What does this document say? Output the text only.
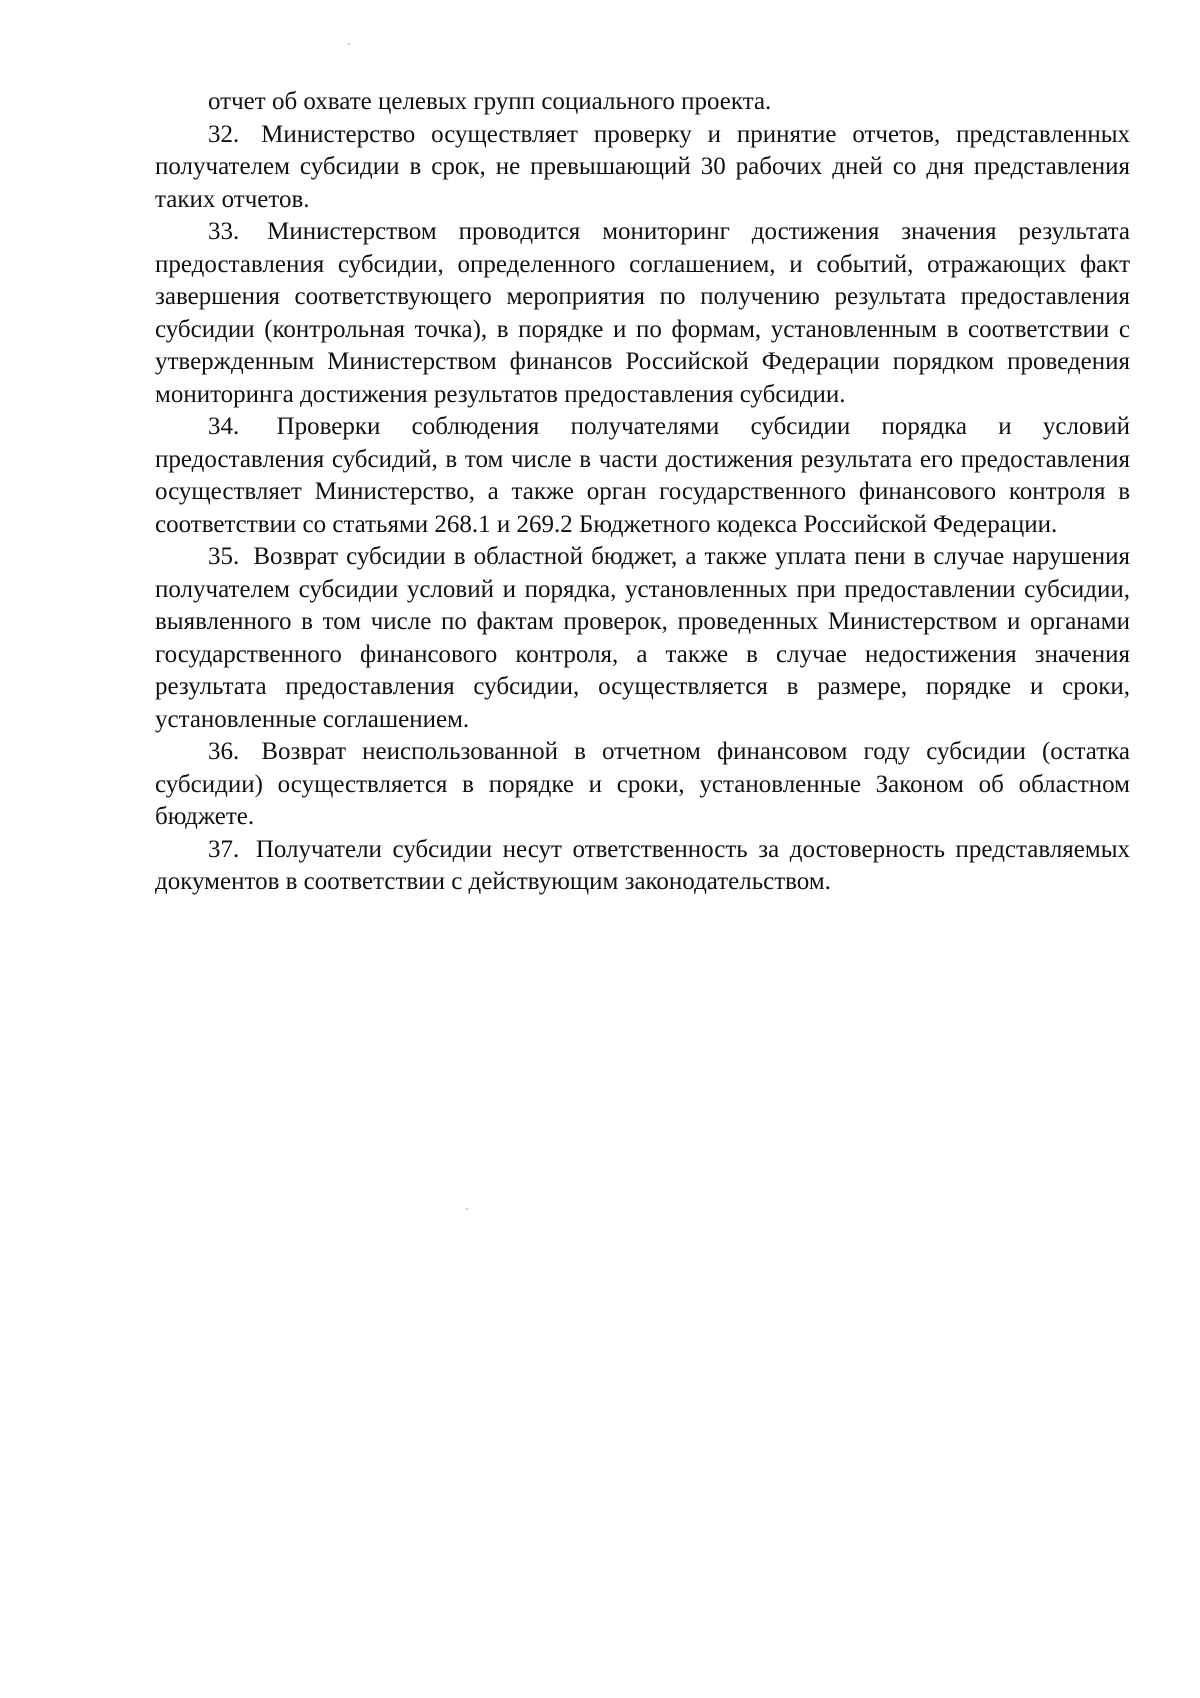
отчет об охвате целевых групп социального проекта.

32. Министерство осуществляет проверку и принятие отчетов, представленных получателем субсидии в срок, не превышающий 30 рабочих дней со дня представления таких отчетов.

33. Министерством проводится мониторинг достижения значения результата предоставления субсидии, определенного соглашением, и событий, отражающих факт завершения соответствующего мероприятия по получению результата предоставления субсидии (контрольная точка), в порядке и по формам, установленным в соответствии с утвержденным Министерством финансов Российской Федерации порядком проведения мониторинга достижения результатов предоставления субсидии.

34. Проверки соблюдения получателями субсидии порядка и условий предоставления субсидий, в том числе в части достижения результата его предоставления осуществляет Министерство, а также орган государственного финансового контроля в соответствии со статьями 268.1 и 269.2 Бюджетного кодекса Российской Федерации.

35. Возврат субсидии в областной бюджет, а также уплата пени в случае нарушения получателем субсидии условий и порядка, установленных при предоставлении субсидии, выявленного в том числе по фактам проверок, проведенных Министерством и органами государственного финансового контроля, а также в случае недостижения значения результата предоставления субсидии, осуществляется в размере, порядке и сроки, установленные соглашением.

36. Возврат неиспользованной в отчетном финансовом году субсидии (остатка субсидии) осуществляется в порядке и сроки, установленные Законом об областном бюджете.

37. Получатели субсидии несут ответственность за достоверность представляемых документов в соответствии с действующим законодательством.
